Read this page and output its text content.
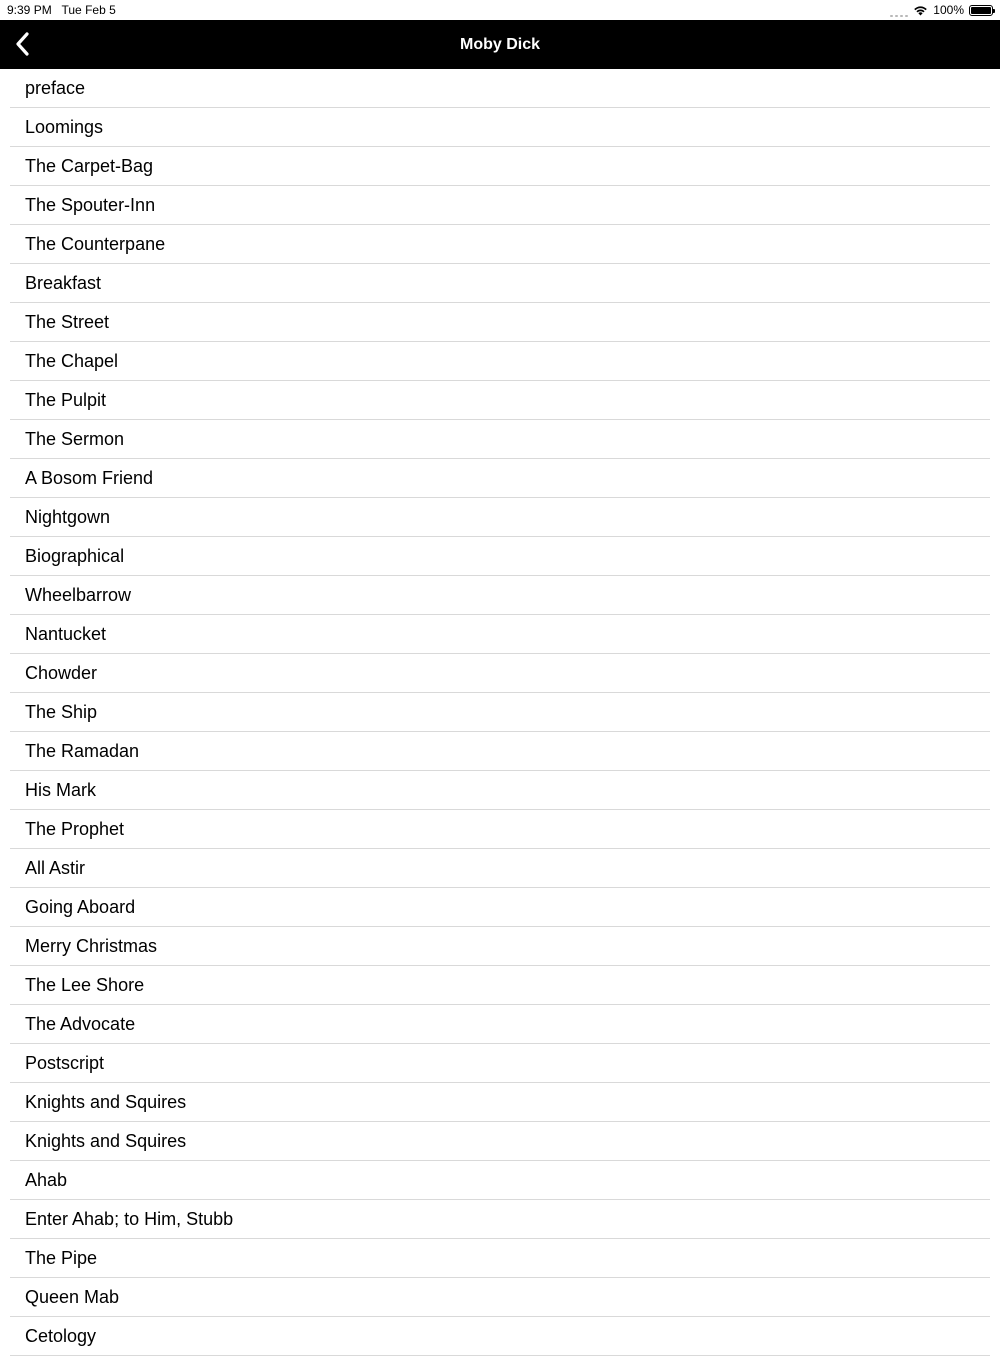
9:39 PM Tue Feb 5	100%
Moby Dick
preface
Loomings
The Carpet-Bag
The Spouter-Inn
The Counterpane
Breakfast
The Street
The Chapel
The Pulpit
The Sermon
A Bosom Friend
Nightgown
Biographical
Wheelbarrow
Nantucket
Chowder
The Ship
The Ramadan
His Mark
The Prophet
All Astir
Going Aboard
Merry Christmas
The Lee Shore
The Advocate
Postscript
Knights and Squires
Knights and Squires
Ahab
Enter Ahab; to Him, Stubb
The Pipe
Queen Mab
Cetology
